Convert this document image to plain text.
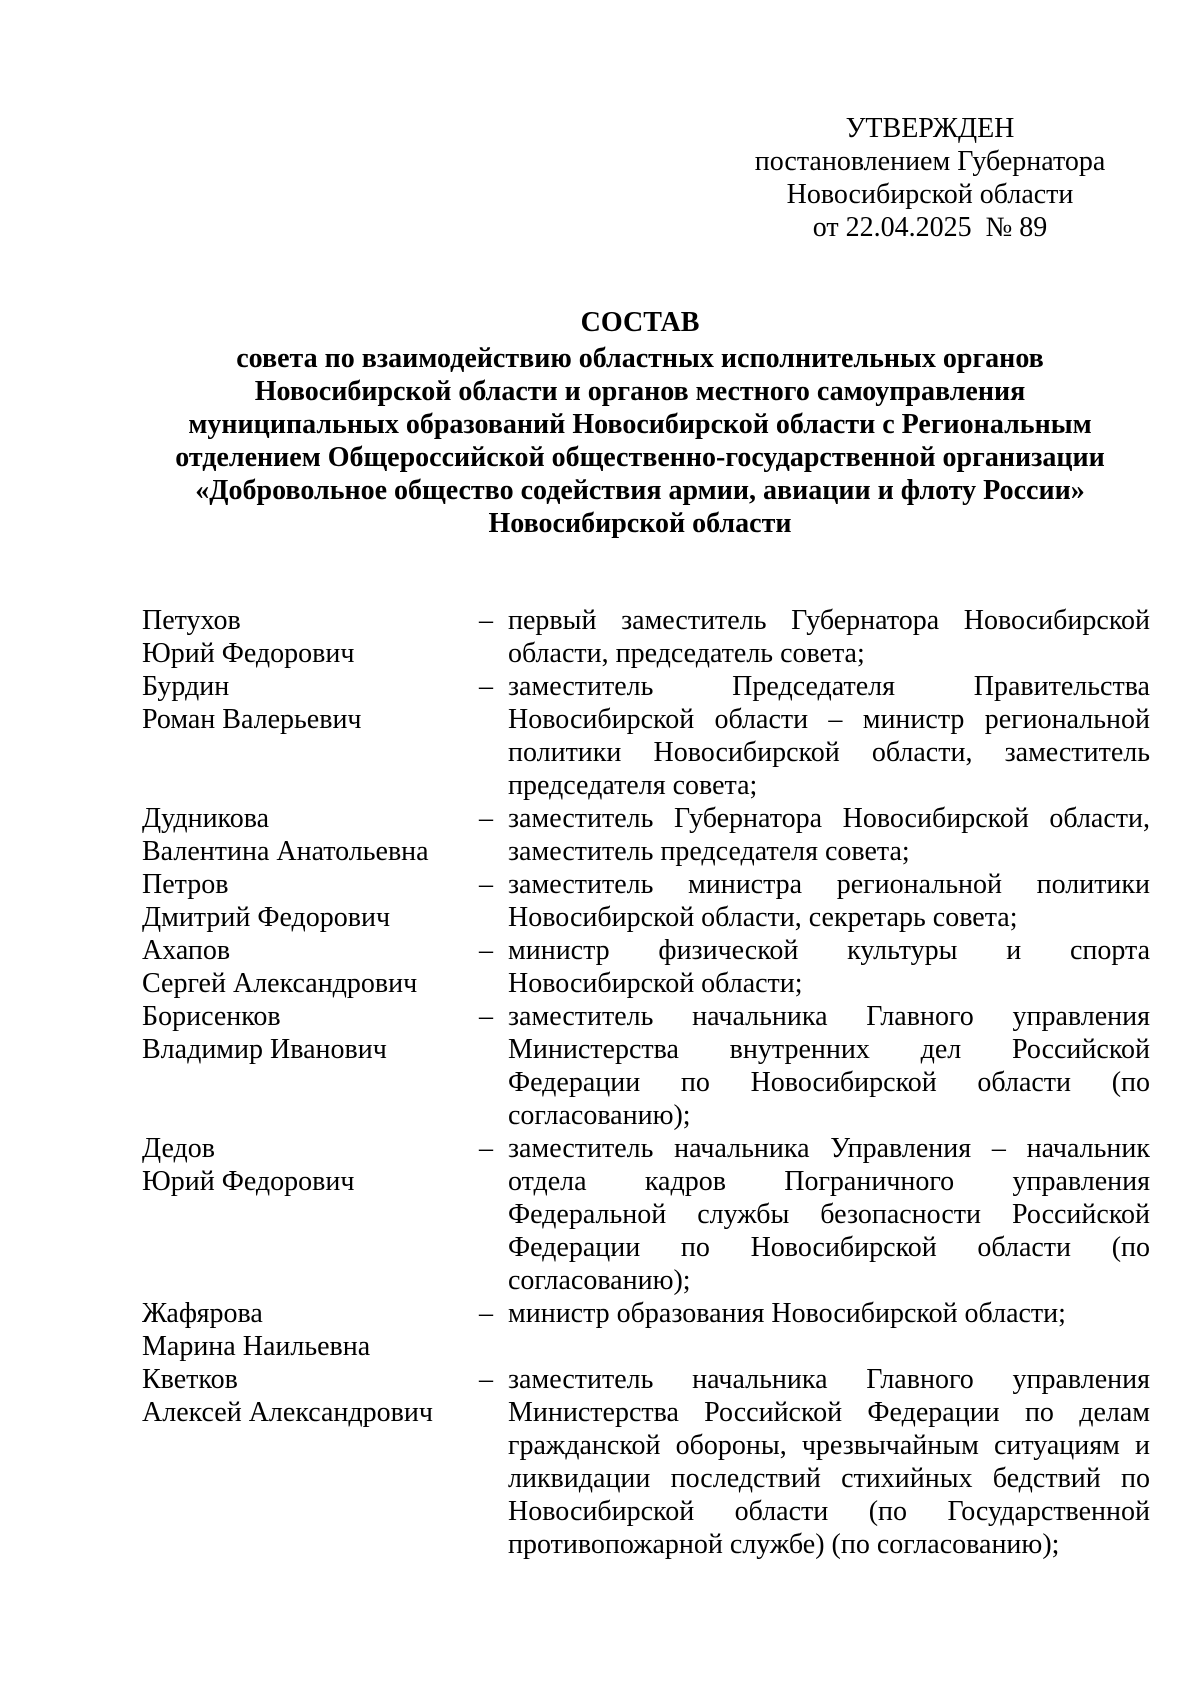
УТВЕРЖДЕН
постановлением Губернатора
Новосибирской области
от 22.04.2025  № 89
СОСТАВ
совета по взаимодействию областных исполнительных органов
Новосибирской области и органов местного самоуправления
муниципальных образований Новосибирской области с Региональным
отделением Общероссийской общественно-государственной организации
«Добровольное общество содействия армии, авиации и флоту России»
Новосибирской области
Петухов
Юрий Федорович
– первый заместитель Губернатора Новосибирской области, председатель совета;
Бурдин
Роман Валерьевич
– заместитель Председателя Правительства Новосибирской области – министр региональной политики Новосибирской области, заместитель председателя совета;
Дудникова
Валентина Анатольевна
– заместитель Губернатора Новосибирской области, заместитель председателя совета;
Петров
Дмитрий Федорович
– заместитель министра региональной политики Новосибирской области, секретарь совета;
Ахапов
Сергей Александрович
– министр физической культуры и спорта Новосибирской области;
Борисенков
Владимир Иванович
– заместитель начальника Главного управления Министерства внутренних дел Российской Федерации по Новосибирской области (по согласованию);
Дедов
Юрий Федорович
– заместитель начальника Управления – начальник отдела кадров Пограничного управления Федеральной службы безопасности Российской Федерации по Новосибирской области (по согласованию);
Жафярова
Марина Наильевна
– министр образования Новосибирской области;
Кветков
Алексей Александрович
– заместитель начальника Главного управления Министерства Российской Федерации по делам гражданской обороны, чрезвычайным ситуациям и ликвидации последствий стихийных бедствий по Новосибирской области (по Государственной противопожарной службе) (по согласованию);
